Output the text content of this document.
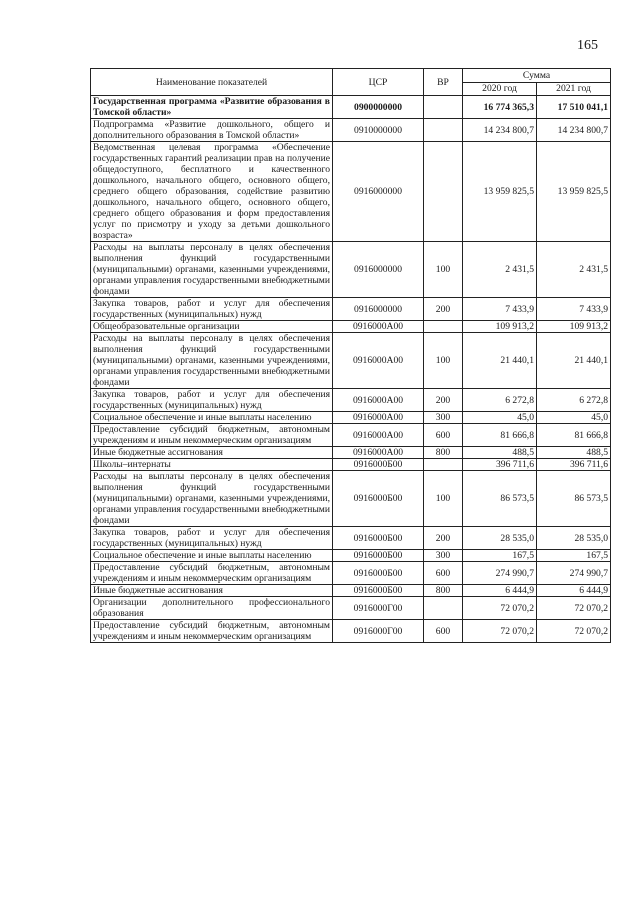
165
Наименование показателей	ЦСР	ВР	Сумма	
			2020 год	2021 год
Государственная программа «Развитие образования в Томской области»	0900000000		16 774 365,3	17 510 041,1
Подпрограмма «Развитие дошкольного, общего и дополнительного образования в Томской области»	0910000000		14 234 800,7	14 234 800,7
Ведомственная целевая программа «Обеспечение государственных гарантий реализации прав на получение общедоступного, бесплатного и качественного дошкольного, начального общего, основного общего, среднего общего образования, содействие развитию дошкольного, начального общего, основного общего, среднего общего образования и форм предоставления услуг по присмотру и уходу за детьми дошкольного возраста»	0916000000		13 959 825,5	13 959 825,5
Расходы на выплаты персоналу в целях обеспечения выполнения функций государственными (муниципальными) органами, казенными учреждениями, органами управления государственными внебюджетными фондами	0916000000	100	2 431,5	2 431,5
Закупка товаров, работ и услуг для обеспечения государственных (муниципальных) нужд	0916000000	200	7 433,9	7 433,9
Общеобразовательные организации	0916000А00		109 913,2	109 913,2
Расходы на выплаты персоналу в целях обеспечения выполнения функций государственными (муниципальными) органами, казенными учреждениями, органами управления государственными внебюджетными фондами	0916000А00	100	21 440,1	21 440,1
Закупка товаров, работ и услуг для обеспечения государственных (муниципальных) нужд	0916000А00	200	6 272,8	6 272,8
Социальное обеспечение и иные выплаты населению	0916000А00	300	45,0	45,0
Предоставление субсидий бюджетным, автономным учреждениям и иным некоммерческим организациям	0916000А00	600	81 666,8	81 666,8
Иные бюджетные ассигнования	0916000А00	800	488,5	488,5
Школы–интернаты	0916000Б00		396 711,6	396 711,6
Расходы на выплаты персоналу в целях обеспечения выполнения функций государственными (муниципальными) органами, казенными учреждениями, органами управления государственными внебюджетными фондами	0916000Б00	100	86 573,5	86 573,5
Закупка товаров, работ и услуг для обеспечения государственных (муниципальных) нужд	0916000Б00	200	28 535,0	28 535,0
Социальное обеспечение и иные выплаты населению	0916000Б00	300	167,5	167,5
Предоставление субсидий бюджетным, автономным учреждениям и иным некоммерческим организациям	0916000Б00	600	274 990,7	274 990,7
Иные бюджетные ассигнования	0916000Б00	800	6 444,9	6 444,9
Организации дополнительного профессионального образования	0916000Г00		72 070,2	72 070,2
Предоставление субсидий бюджетным, автономным учреждениям и иным некоммерческим организациям	0916000Г00	600	72 070,2	72 070,2
